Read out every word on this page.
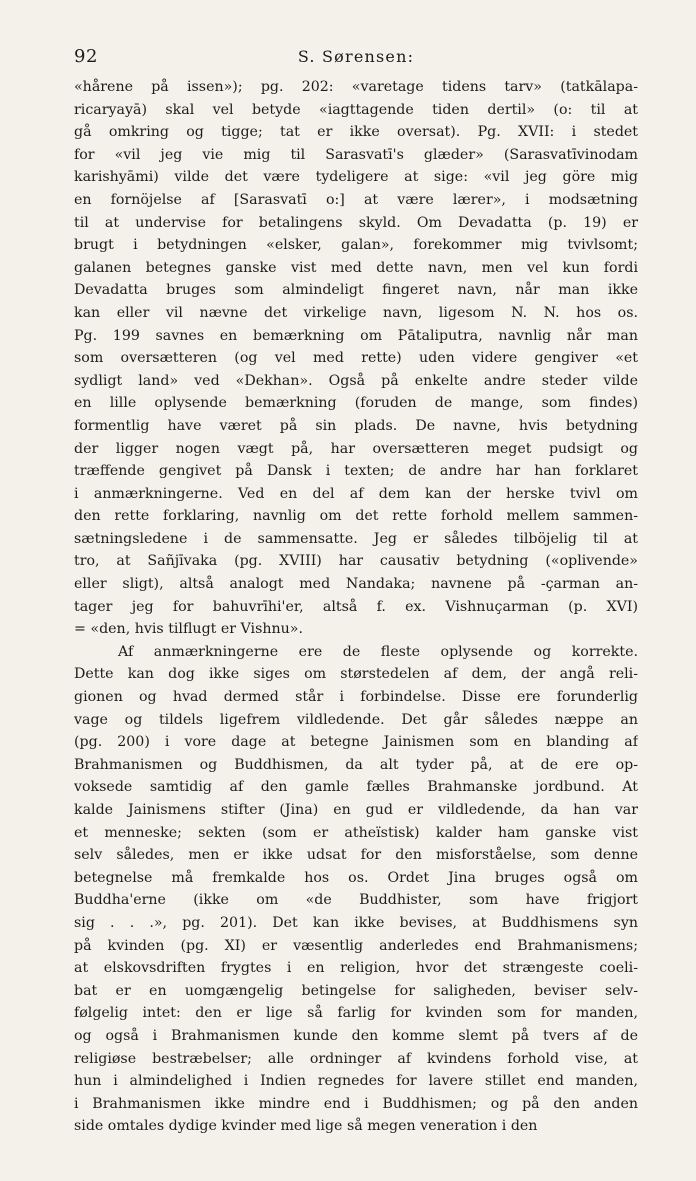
92	S. Sørensen:
«hårene på issen»); pg. 202: «varetage tidens tarv» (tatkālapa-
ricaryayā) skal vel betyde «iagttagende tiden dertil» (o: til at
gå omkring og tigge; tat er ikke oversat). Pg. XVII: i stedet
for «vil jeg vie mig til Sarasvatī's glæder» (Sarasvatīvinodam
karishyāmi) vilde det være tydeligere at sige: «vil jeg göre mig
en fornöjelse af [Sarasvatī o:] at være lærer», i modsætning
til at undervise for betalingens skyld. Om Devadatta (p. 19) er
brugt i betydningen «elsker, galan», forekommer mig tvivlsomt;
galanen betegnes ganske vist med dette navn, men vel kun fordi
Devadatta bruges som almindeligt fingeret navn, når man ikke
kan eller vil nævne det virkelige navn, ligesom N. N. hos os.
Pg. 199 savnes en bemærkning om Pātaliputra, navnlig når man
som oversætteren (og vel med rette) uden videre gengiver «et
sydligt land» ved «Dekhan». Også på enkelte andre steder vilde
en lille oplysende bemærkning (foruden de mange, som findes)
formentlig have været på sin plads. De navne, hvis betydning
der ligger nogen vægt på, har oversætteren meget pudsigt og
træffende gengivet på Dansk i texten; de andre har han forklaret
i anmærkningerne. Ved en del af dem kan der herske tvivl om
den rette forklaring, navnlig om det rette forhold mellem sammen-
sætningsledene i de sammensatte. Jeg er således tilböjelig til at
tro, at Sañjīvaka (pg. XVIII) har causativ betydning («oplivende»
eller sligt), altså analogt med Nandaka; navnene på -çarman an-
tager jeg for bahuvrīhi'er, altså f. ex. Vishnuçarman (p. XVI)
= «den, hvis tilflugt er Vishnu».
Af anmærkningerne ere de fleste oplysende og korrekte.
Dette kan dog ikke siges om størstedelen af dem, der angå reli-
gionen og hvad dermed står i forbindelse. Disse ere forunderlig
vage og tildels ligefrem vildledende. Det går således næppe an
(pg. 200) i vore dage at betegne Jainismen som en blanding af
Brahmanismen og Buddhismen, da alt tyder på, at de ere op-
voksede samtidig af den gamle fælles Brahmanske jordbund. At
kalde Jainismens stifter (Jina) en gud er vildledende, da han var
et menneske; sekten (som er atheïstisk) kalder ham ganske vist
selv således, men er ikke udsat for den misforståelse, som denne
betegnelse må fremkalde hos os. Ordet Jina bruges også om
Buddha'erne (ikke om «de Buddhister, som have frigjort
sig . . .», pg. 201). Det kan ikke bevises, at Buddhismens syn
på kvinden (pg. XI) er væsentlig anderledes end Brahmanismens;
at elskovsdriften frygtes i en religion, hvor det strængeste coeli-
bat er en uomgængelig betingelse for saligheden, beviser selv-
følgelig intet: den er lige så farlig for kvinden som for manden,
og også i Brahmanismen kunde den komme slemt på tvers af de
religiøse bestræbelser; alle ordninger af kvindens forhold vise, at
hun i almindelighed i Indien regnedes for lavere stillet end manden,
i Brahmanismen ikke mindre end i Buddhismen; og på den anden
side omtales dydige kvinder med lige så megen veneration i den
